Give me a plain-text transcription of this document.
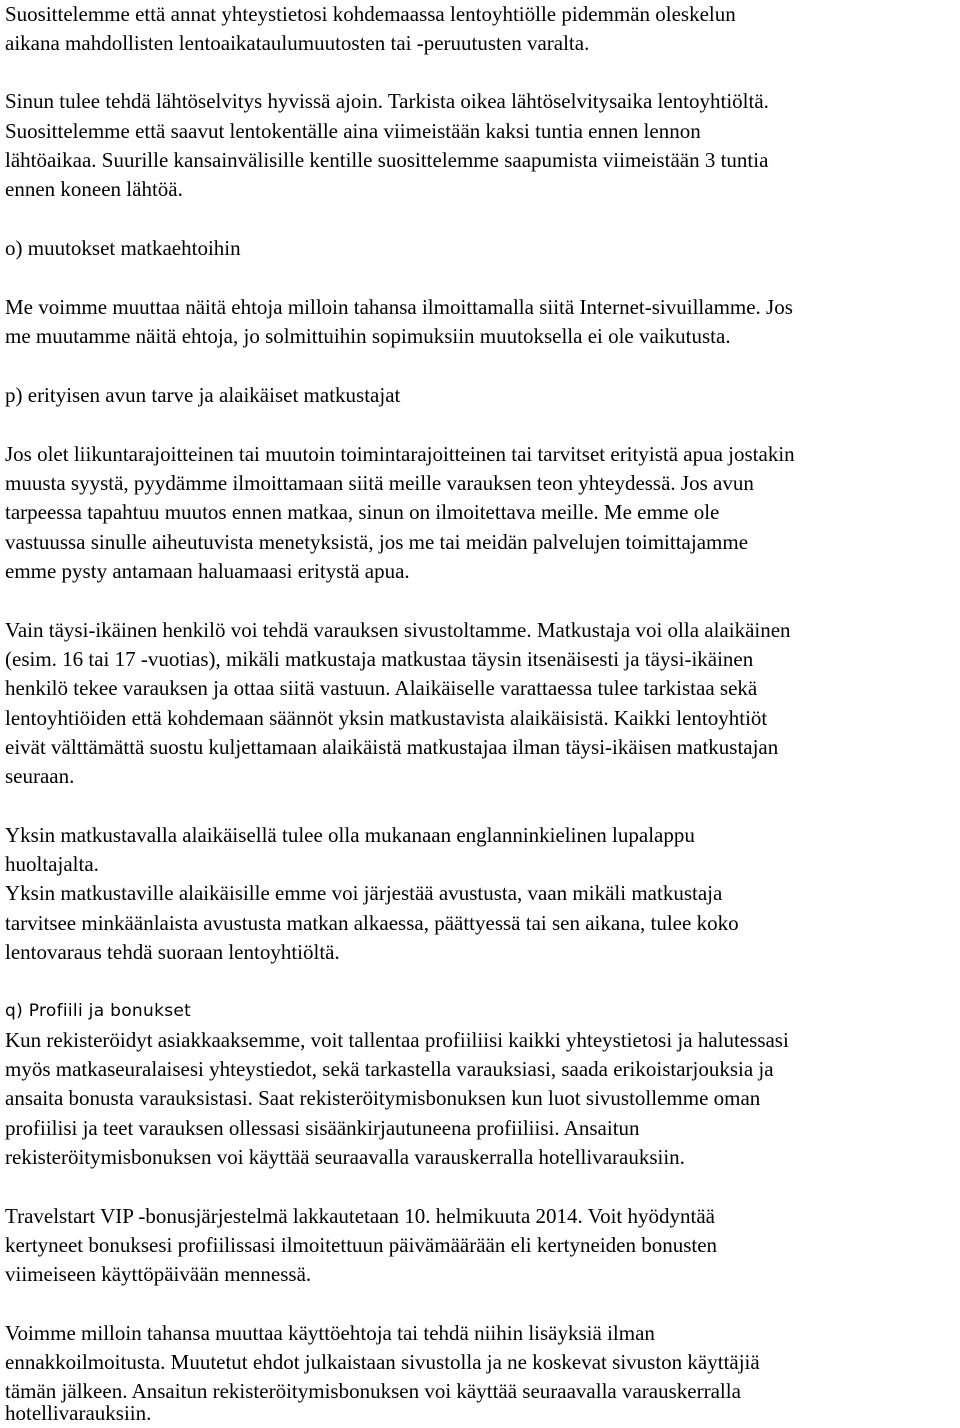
Suosittelemme että annat yhteystietosi kohdemaassa lentoyhtiölle pidemmän oleskelun
aikana mahdollisten lentoaikataulumuutosten tai -peruutusten varalta.
Sinun tulee tehdä lähtöselvitys hyvissä ajoin. Tarkista oikea lähtöselvitysaika lentoyhtiöltä.
Suosittelemme että saavut lentokentälle aina viimeistään kaksi tuntia ennen lennon
lähtöaikaa. Suurille kansainvälisille kentille suosittelemme saapumista viimeistään 3 tuntia
ennen koneen lähtöä.
o) muutokset matkaehtoihin
Me voimme muuttaa näitä ehtoja milloin tahansa ilmoittamalla siitä Internet-sivuillamme. Jos
me muutamme näitä ehtoja, jo solmittuihin sopimuksiin muutoksella ei ole vaikutusta.
p) erityisen avun tarve ja alaikäiset matkustajat
Jos olet liikuntarajoitteinen tai muutoin toimintarajoitteinen tai tarvitset erityistä apua jostakin
muusta syystä, pyydämme ilmoittamaan siitä meille varauksen teon yhteydessä. Jos avun
tarpeessa tapahtuu muutos ennen matkaa, sinun on ilmoitettava meille. Me emme ole
vastuussa sinulle aiheutuvista menetyksistä, jos me tai meidän palvelujen toimittajamme
emme pysty antamaan haluamaasi eritystä apua.
Vain täysi-ikäinen henkilö voi tehdä varauksen sivustoltamme. Matkustaja voi olla alaikäinen
(esim. 16 tai 17 -vuotias), mikäli matkustaja matkustaa täysin itsenäisesti ja täysi-ikäinen
henkilö tekee varauksen ja ottaa siitä vastuun. Alaikäiselle varattaessa tulee tarkistaa sekä
lentoyhtiöiden että kohdemaan säännöt yksin matkustavista alaikäisistä. Kaikki lentoyhtiöt
eivät välttämättä suostu kuljettamaan alaikäistä matkustajaa ilman täysi-ikäisen matkustajan
seuraan.
Yksin matkustavalla alaikäisellä tulee olla mukanaan englanninkielinen lupalappu
huoltajalta.
Yksin matkustaville alaikäisille emme voi järjestää avustusta, vaan mikäli matkustaja
tarvitsee minkäänlaista avustusta matkan alkaessa, päättyessä tai sen aikana, tulee koko
lentovaraus tehdä suoraan lentoyhtiöltä.
q) Profiili ja bonukset
Kun rekisteröidyt asiakkaaksemme, voit tallentaa profiiliisi kaikki yhteystietosi ja halutessasi
myös matkaseuralaisesi yhteystiedot, sekä tarkastella varauksiasi, saada erikoistarjouksia ja
ansaita bonusta varauksistasi. Saat rekisteröitymisbonuksen kun luot sivustollemme oman
profiilisi ja teet varauksen ollessasi sisäänkirjautuneena profiiliisi. Ansaitun
rekisteröitymisbonuksen voi käyttää seuraavalla varauskerralla hotellivarauksiin.
Travelstart VIP -bonusjärjestelmä lakkautetaan 10. helmikuuta 2014. Voit hyödyntää
kertyneet bonuksesi profiilissasi ilmoitettuun päivämäärään eli kertyneiden bonusten
viimeiseen käyttöpäivään mennessä.
Voimme milloin tahansa muuttaa käyttöehtoja tai tehdä niihin lisäyksiä ilman
ennakkoilmoitusta. Muutetut ehdot julkaistaan sivustolla ja ne koskevat sivuston käyttäjiä
tämän jälkeen. Ansaitun rekisteröitymisbonuksen voi käyttää seuraavalla varauskerralla
hotellivarauksiin.
